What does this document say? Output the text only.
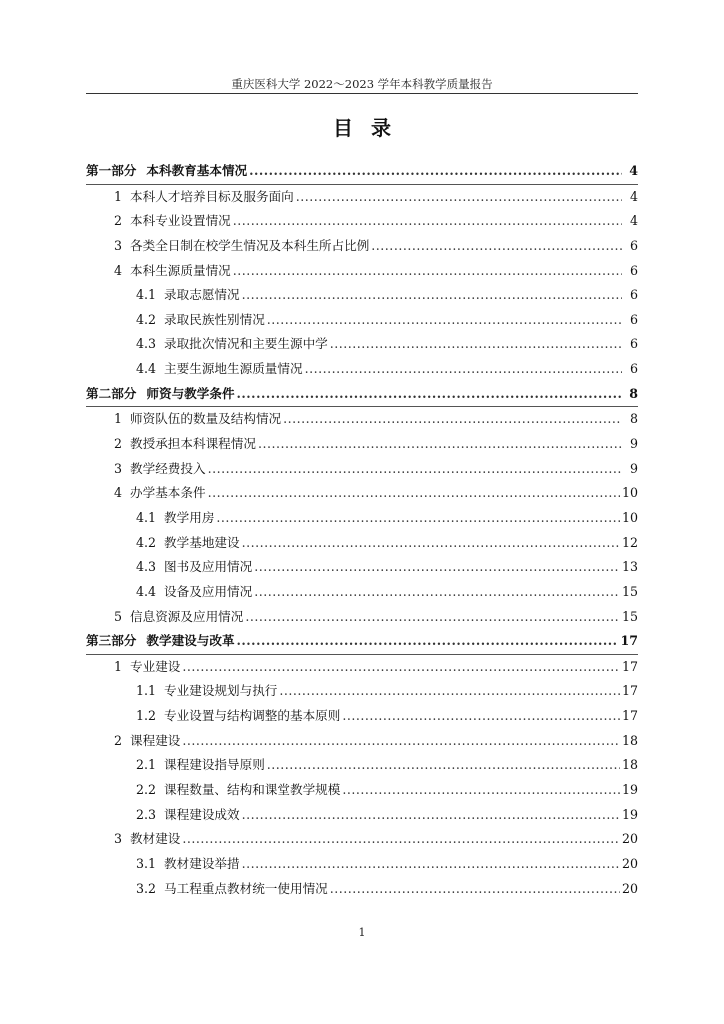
重庆医科大学 2022～2023 学年本科教学质量报告
目录
第一部分 本科教育基本情况 .....	4
1 本科人才培养目标及服务面向 .....	4
2 本科专业设置情况 .....	4
3 各类全日制在校学生情况及本科生所占比例 .....	6
4 本科生源质量情况 .....	6
4.1 录取志愿情况 .....	6
4.2 录取民族性别情况 .....	6
4.3 录取批次情况和主要生源中学 .....	6
4.4 主要生源地生源质量情况 .....	6
第二部分 师资与教学条件 .....	8
1 师资队伍的数量及结构情况 .....	8
2 教授承担本科课程情况 .....	9
3 教学经费投入 .....	9
4 办学基本条件 .....	10
4.1 教学用房 .....	10
4.2 教学基地建设 .....	12
4.3 图书及应用情况 .....	13
4.4 设备及应用情况 .....	15
5 信息资源及应用情况 .....	15
第三部分 教学建设与改革 .....	17
1 专业建设 .....	17
1.1 专业建设规划与执行 .....	17
1.2 专业设置与结构调整的基本原则 .....	17
2 课程建设 .....	18
2.1 课程建设指导原则 .....	18
2.2 课程数量、结构和课堂教学规模 .....	19
2.3 课程建设成效 .....	19
3 教材建设 .....	20
3.1 教材建设举措 .....	20
3.2 马工程重点教材统一使用情况 .....	20
1
